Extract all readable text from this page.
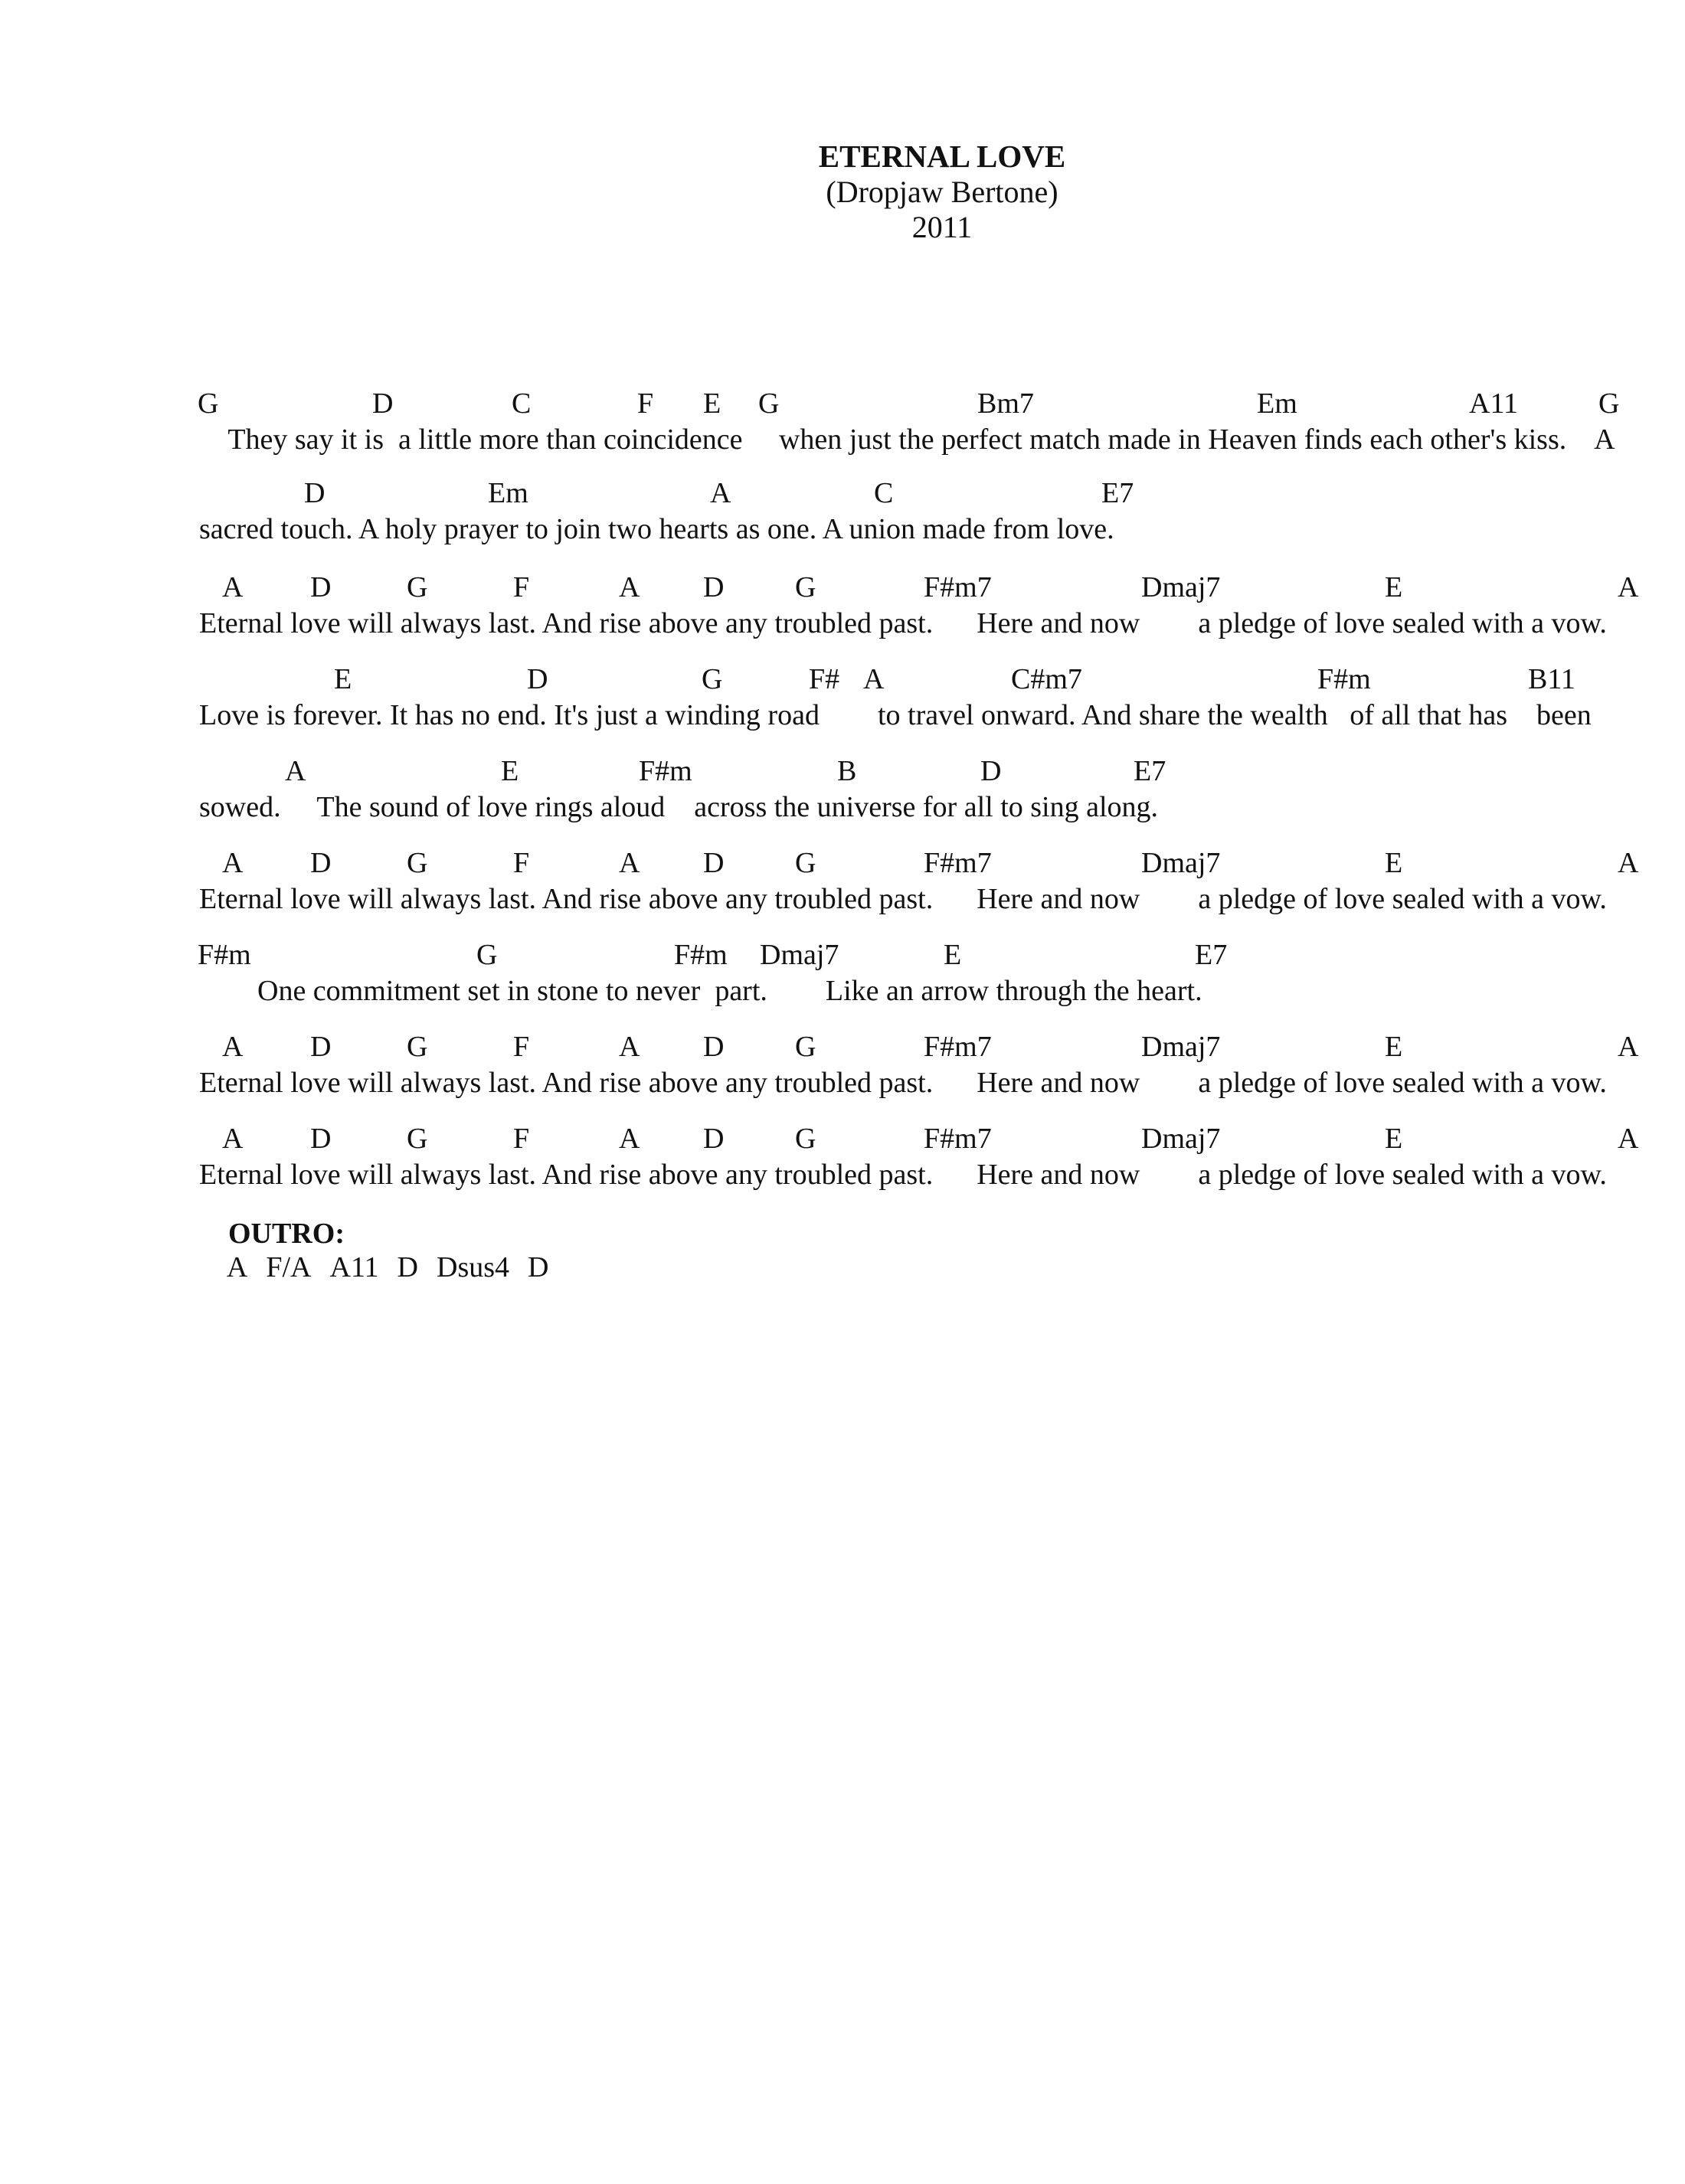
ETERNAL LOVE
(Dropjaw Bertone)
2011
G	D	C	F E G	Bm7	Em	A11	G
They say it is  a little more than coincidence     when just the perfect match made in Heaven finds each other's kiss.    A
D	Em	A	C	E7
sacred touch. A holy prayer to join two hearts as one. A union made from love.
A D	G	F	A D G	F#m7	Dmaj7	E	A
Eternal love will always last. And rise above any troubled past.      Here and now        a pledge of love sealed with a vow.
E	D	G	F# A	C#m7	F#m	B11
Love is forever. It has no end. It's just a winding road        to travel onward. And share the wealth   of all that has    been
A	E	F#m	B	D	E7
sowed.     The sound of love rings aloud    across the universe for all to sing along.
A D	G	F	A D G	F#m7	Dmaj7	E	A
Eternal love will always last. And rise above any troubled past.      Here and now        a pledge of love sealed with a vow.
F#m	G	F#m Dmaj7	E	E7
One commitment set in stone to never  part.        Like an arrow through the heart.
A D	G	F	A D G	F#m7	Dmaj7	E	A
Eternal love will always last. And rise above any troubled past.      Here and now        a pledge of love sealed with a vow.
A D	G	F	A D G	F#m7	Dmaj7	E	A
Eternal love will always last. And rise above any troubled past.      Here and now        a pledge of love sealed with a vow.

OUTRO:
A F/A A11 D Dsus4 D
